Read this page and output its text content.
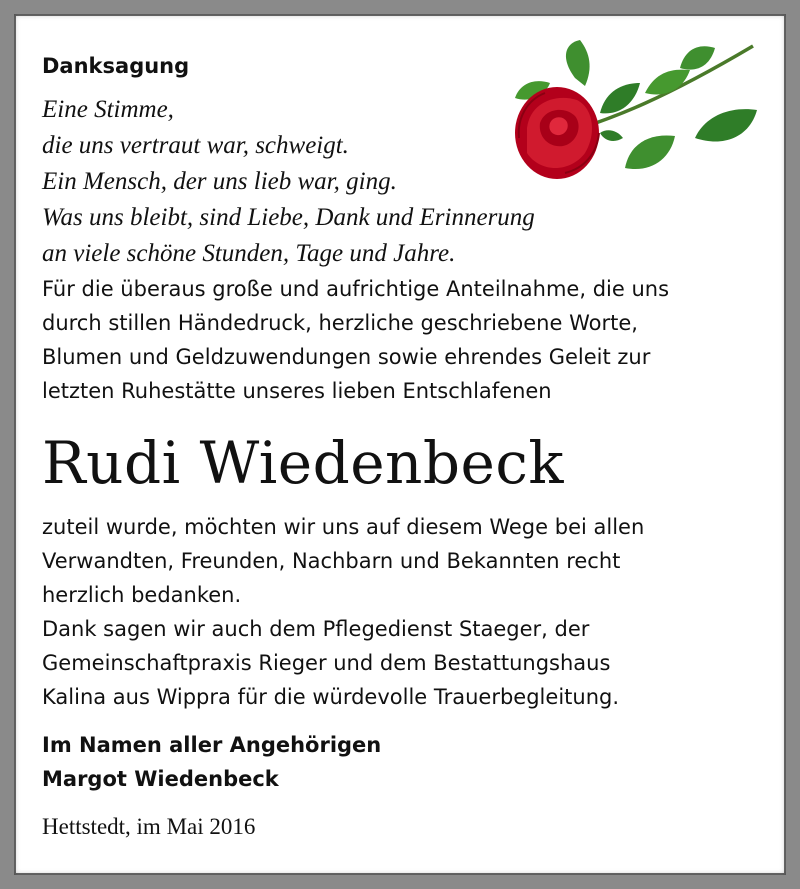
Danksagung
Eine Stimme,
die uns vertraut war, schweigt.
Ein Mensch, der uns lieb war, ging.
Was uns bleibt, sind Liebe, Dank und Erinnerung
an viele schöne Stunden, Tage und Jahre.
Für die überaus große und aufrichtige Anteilnahme, die uns
durch stillen Händedruck, herzliche geschriebene Worte,
Blumen und Geldzuwendungen sowie ehrendes Geleit zur
letzten Ruhestätte unseres lieben Entschlafenen
Rudi Wiedenbeck
zuteil wurde, möchten wir uns auf diesem Wege bei allen
Verwandten, Freunden, Nachbarn und Bekannten recht
herzlich bedanken.
Dank sagen wir auch dem Pflegedienst Staeger, der
Gemeinschaftpraxis Rieger und dem Bestattungshaus
Kalina aus Wippra für die würdevolle Trauerbegleitung.
Im Namen aller Angehörigen
Margot Wiedenbeck
Hettstedt, im Mai 2016
